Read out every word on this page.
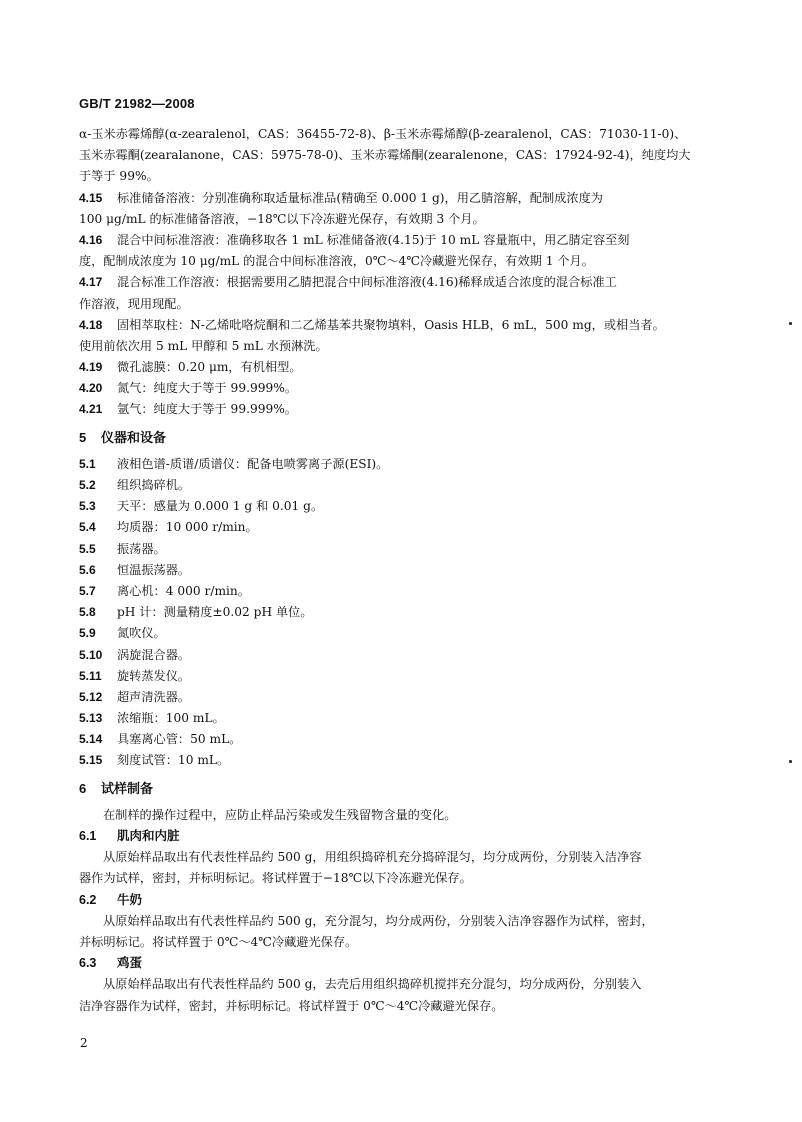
GB/T 21982—2008
α-玉米赤霉烯醇(α-zearalenol，CAS：36455-72-8)、β-玉米赤霉烯醇(β-zearalenol，CAS：71030-11-0)、
玉米赤霉酮(zearalanone，CAS：5975-78-0)、玉米赤霉烯酮(zearalenone，CAS：17924-92-4)，纯度均大
于等于 99%。
4.15 标准储备溶液：分别准确称取适量标准品(精确至 0.000 1 g)，用乙腈溶解，配制成浓度为
100 μg/mL 的标准储备溶液，−18℃以下冷冻避光保存，有效期 3 个月。
4.16 混合中间标准溶液：准确移取各 1 mL 标准储备液(4.15)于 10 mL 容量瓶中，用乙腈定容至刻
度，配制成浓度为 10 μg/mL 的混合中间标准溶液，0℃～4℃冷藏避光保存，有效期 1 个月。
4.17 混合标准工作溶液：根据需要用乙腈把混合中间标准溶液(4.16)稀释成适合浓度的混合标准工
作溶液，现用现配。
4.18 固相萃取柱：N-乙烯吡咯烷酮和二乙烯基苯共聚物填料，Oasis HLB，6 mL，500 mg，或相当者。
使用前依次用 5 mL 甲醇和 5 mL 水预淋洗。
4.19 微孔滤膜：0.20 μm，有机相型。
4.20 氮气：纯度大于等于 99.999%。
4.21 氩气：纯度大于等于 99.999%。
5 仪器和设备
5.1 液相色谱-质谱/质谱仪：配备电喷雾离子源(ESI)。
5.2 组织捣碎机。
5.3 天平：感量为 0.000 1 g 和 0.01 g。
5.4 均质器：10 000 r/min。
5.5 振荡器。
5.6 恒温振荡器。
5.7 离心机：4 000 r/min。
5.8 pH 计：测量精度±0.02 pH 单位。
5.9 氮吹仪。
5.10 涡旋混合器。
5.11 旋转蒸发仪。
5.12 超声清洗器。
5.13 浓缩瓶：100 mL。
5.14 具塞离心管：50 mL。
5.15 刻度试管：10 mL。
6 试样制备
在制样的操作过程中，应防止样品污染或发生残留物含量的变化。
6.1 肌肉和内脏
从原始样品取出有代表性样品约 500 g，用组织捣碎机充分捣碎混匀，均分成两份，分别装入洁净容
器作为试样，密封，并标明标记。将试样置于−18℃以下冷冻避光保存。
6.2 牛奶
从原始样品取出有代表性样品约 500 g，充分混匀，均分成两份，分别装入洁净容器作为试样，密封，
并标明标记。将试样置于 0℃～4℃冷藏避光保存。
6.3 鸡蛋
从原始样品取出有代表性样品约 500 g，去壳后用组织捣碎机搅拌充分混匀，均分成两份，分别装入
洁净容器作为试样，密封，并标明标记。将试样置于 0℃～4℃冷藏避光保存。
2
